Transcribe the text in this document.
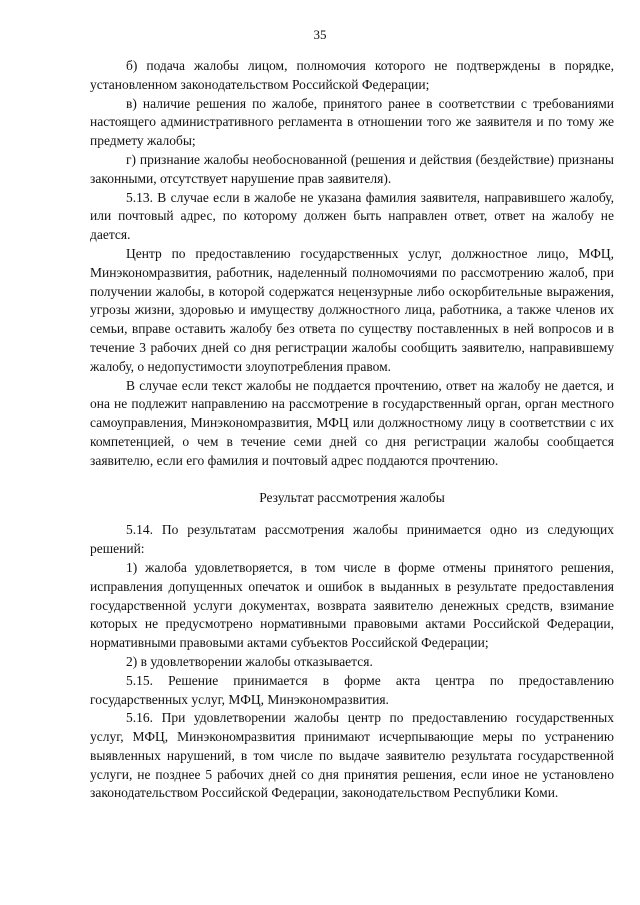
35

б) подача жалобы лицом, полномочия которого не подтверждены в порядке, установленном законодательством Российской Федерации;

в) наличие решения по жалобе, принятого ранее в соответствии с требованиями настоящего административного регламента в отношении того же заявителя и по тому же предмету жалобы;

г) признание жалобы необоснованной (решения и действия (бездействие) признаны законными, отсутствует нарушение прав заявителя).

5.13. В случае если в жалобе не указана фамилия заявителя, направившего жалобу, или почтовый адрес, по которому должен быть направлен ответ, ответ на жалобу не дается.

Центр по предоставлению государственных услуг, должностное лицо, МФЦ, Минэкономразвития, работник, наделенный полномочиями по рассмотрению жалоб, при получении жалобы, в которой содержатся нецензурные либо оскорбительные выражения, угрозы жизни, здоровью и имуществу должностного лица, работника, а также членов их семьи, вправе оставить жалобу без ответа по существу поставленных в ней вопросов и в течение 3 рабочих дней со дня регистрации жалобы сообщить заявителю, направившему жалобу, о недопустимости злоупотребления правом.

В случае если текст жалобы не поддается прочтению, ответ на жалобу не дается, и она не подлежит направлению на рассмотрение в государственный орган, орган местного самоуправления, Минэкономразвития, МФЦ или должностному лицу в соответствии с их компетенцией, о чем в течение семи дней со дня регистрации жалобы сообщается заявителю, если его фамилия и почтовый адрес поддаются прочтению.

Результат рассмотрения жалобы

5.14. По результатам рассмотрения жалобы принимается одно из следующих решений:

1) жалоба удовлетворяется, в том числе в форме отмены принятого решения, исправления допущенных опечаток и ошибок в выданных в результате предоставления государственной услуги документах, возврата заявителю денежных средств, взимание которых не предусмотрено нормативными правовыми актами Российской Федерации, нормативными правовыми актами субъектов Российской Федерации;

2) в удовлетворении жалобы отказывается.

5.15. Решение принимается в форме акта центра по предоставлению государственных услуг, МФЦ, Минэкономразвития.

5.16. При удовлетворении жалобы центр по предоставлению государственных услуг, МФЦ, Минэкономразвития принимают исчерпывающие меры по устранению выявленных нарушений, в том числе по выдаче заявителю результата государственной услуги, не позднее 5 рабочих дней со дня принятия решения, если иное не установлено законодательством Российской Федерации, законодательством Республики Коми.
